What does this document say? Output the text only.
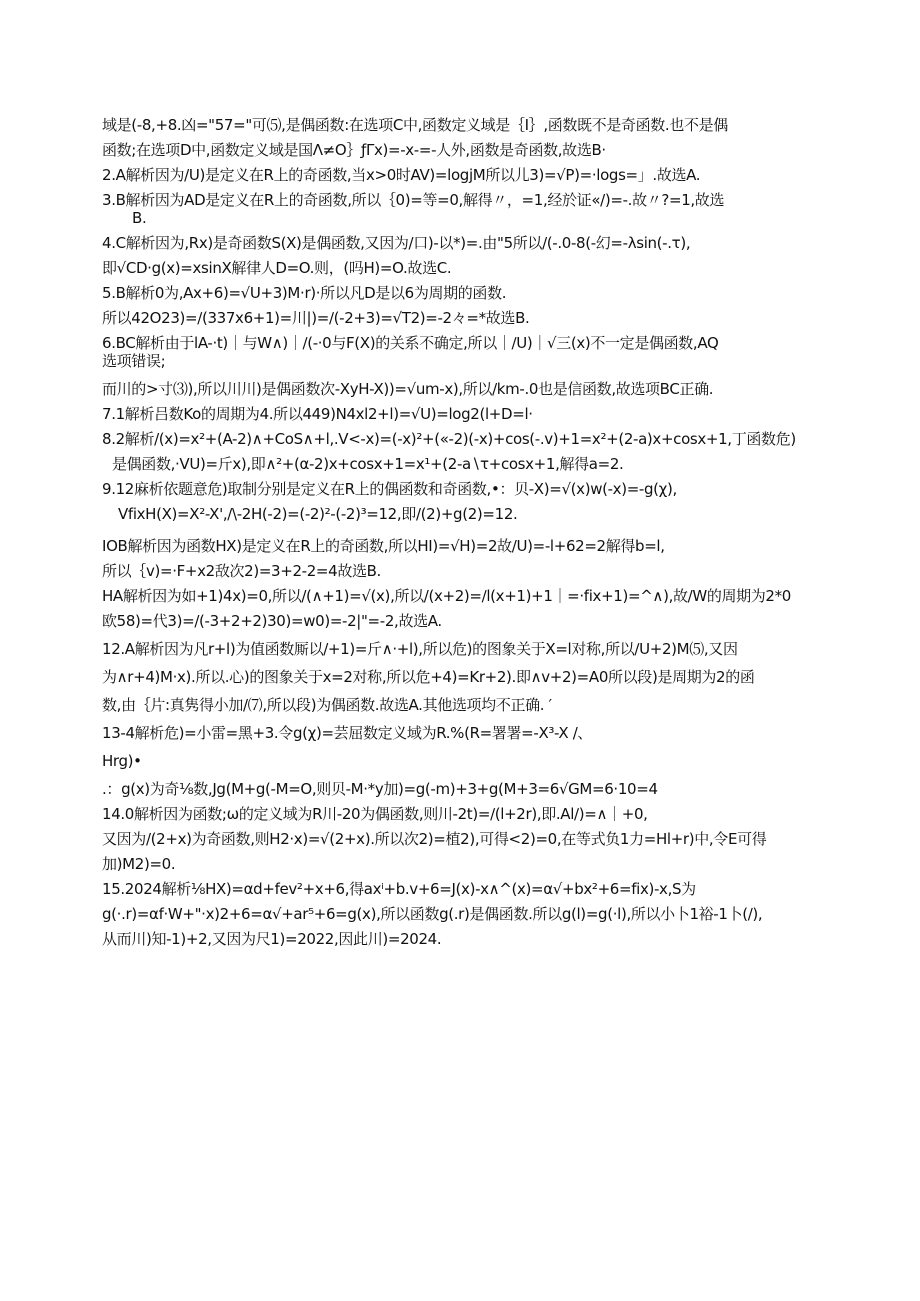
域是(-8,+8.凶="57="可⑸,是偶函数:在选项C中,函数定义域是｛I｝,函数既不是奇函数.也不是偶
函数;在选项D中,函数定义域是国Λ≠O｝ƒΓx)=-x-=-人外,函数是奇函数,故选B·
2.A解析因为/U)是定义在R上的奇函数,当x>0时AV)=logjM所以儿3)=√P)=·logs=」.故选A.
3.B解析因为AD是定义在R上的奇函数,所以｛0)=等=0,解得〃，=1,经於证«/)=-.故〃?=1,故选
B.
4.C解析因为,Rx)是奇函数S(X)是偶函数,又因为/口)-以*)=.由"5所以/(-.0-8(-幻=-λsin(-.τ),
即√CD·g(x)=xsinX解律人D=O.则，(吗H)=O.故选C.
5.B解析0为,Ax+6)=√U+3)M·r)·所以凡D是以6为周期的函数.
所以42O23)=∕(337x6+1)=川|)=∕(-2+3)=√T2)=-2々=*故选B.
6.BC解析由于lA-·t)｜与W∧)｜∕(-·0与F(X)的关系不确定,所以｜∕U)｜√三(x)不一定是偶函数,AQ
选项错误;
而川的>寸⑶),所以川川)是偶函数次-XyH-X))=√um-x),所以/km-.0也是信函数,故选项BC正确.
7.1解析吕数Ko的周期为4.所以449)N4xl2+l)=√U)=log2(l+D=l·
8.2解析/(x)=x²+(A-2)∧+CoS∧+l,.V<-x)=(-x)²+(«-2)(-x)+cos(-.v)+1=x²+(2-a)x+cosx+1,丁函数危)
是偶函数,·VU)=斤x),即∧²+(α-2)x+cosx+1=x¹+(2-a∖τ+cosx+1,解得a=2.
9.12麻析依题意危)取制分别是定义在R上的偶函数和奇函数,•：贝-X)=√(x)w(-x)=-g(χ),
VfixH(X)=X²-X',∕\-2H(-2)=(-2)²-(-2)³=12,即/(2)+g(2)=12.
IOB解析因为函数HX)是定义在R上的奇函数,所以HI)=√H)=2故/U)=-l+62=2解得b=l,
所以｛v)=·F+x2敌次2)=3+2-2=4故选B.
HA解析因为如+1)4x)=0,所以/(∧+1)=√(x),所以/(x+2)=∕l(x+1)+1｜=·fix+1)=^∧),故/W的周期为2*0
欧58)=代3)=/(-3+2+2)30)=w0)=-2|"=-2,故选A.
12.A解析因为凡r+l)为值函数厮以/+1)=斤∧·+l),所以危)的图象关于X=l对称,所以∕U+2)M⑸,又因
为∧r+4)M·x).所以.心)的图象关于x=2对称,所以危+4)=Kr+2).即∧v+2)=A0所以段)是周期为2的函
数,由｛片:真隽得小加/⑺,所以段)为偶函数.故选A.其他选项均不正确. ′
13-4解析危)=小雷=黑+3.令g(χ)=芸屈数定义域为R.%(R=署署=-X³-X /、
Hrg)•
.：g(x)为奇⅛数,Jg(M+g(-M=O,则贝-M·*y加)=g(-m)+3+g(M+3=6√GM=6·10=4
14.0解析因为函数;ω的定义域为R川-20为偶函数,则川-2t)=∕(l+2r),即.Al∕)=∧｜+0,
又因为/(2+x)为奇函数,则H2·x)=√(2+x).所以次2)=植2),可得<2)=0,在等式负1力=Hl+r)中,令E可得
加)M2)=0.
15.2024解析⅛HX)=αd+fev²+x+6,得axⁱ+b.v+6=J(x)-x∧^(x)=α√+bx²+6=fix)-x,S为
g(·.r)=αf·W+"·x)2+6=α√+ar⁵+6=g(x),所以函数g(.r)是偶函数.所以g(l)=g(·l),所以小卜1裕-1卜(/),
从而川)知-1)+2,又因为尺1)=2022,因此川)=2024.
